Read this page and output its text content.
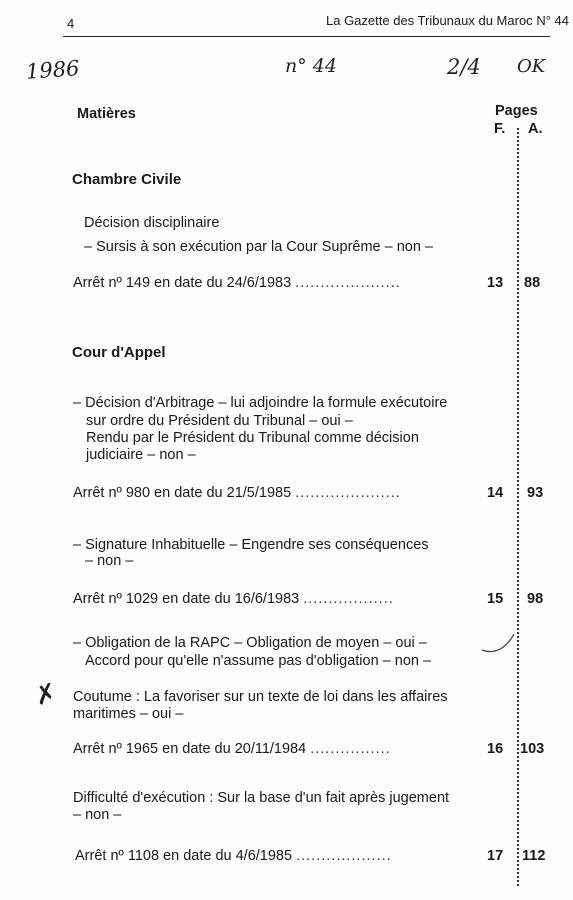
4	La Gazette des Tribunaux du Maroc N° 44
1986	n° 44	2/4 OK
✗
Matières	Pages
F. A.
Chambre Civile
Décision disciplinaire
– Sursis à son exécution par la Cour Suprême – non –
Arrêt nº 149 en date du 24/6/1983 .....................	13 88
Cour d'Appel
– Décision d'Arbitrage – lui adjoindre la formule exécutoire
sur ordre du Président du Tribunal – oui –
Rendu par le Président du Tribunal comme décision
judiciaire – non –
Arrêt nº 980 en date du 21/5/1985 .....................	14 93
– Signature Inhabituelle – Engendre ses conséquences
– non –
Arrêt nº 1029 en date du 16/6/1983 ..................	15 98
– Obligation de la RAPC – Obligation de moyen – oui –
Accord pour qu'elle n'assume pas d'obligation – non –
Coutume : La favoriser sur un texte de loi dans les affaires
maritimes – oui –
Arrêt nº 1965 en date du 20/11/1984 ................	16 103
Difficulté d'exécution : Sur la base d'un fait après jugement
– non –
Arrêt nº 1108 en date du 4/6/1985 ...................	17 112
